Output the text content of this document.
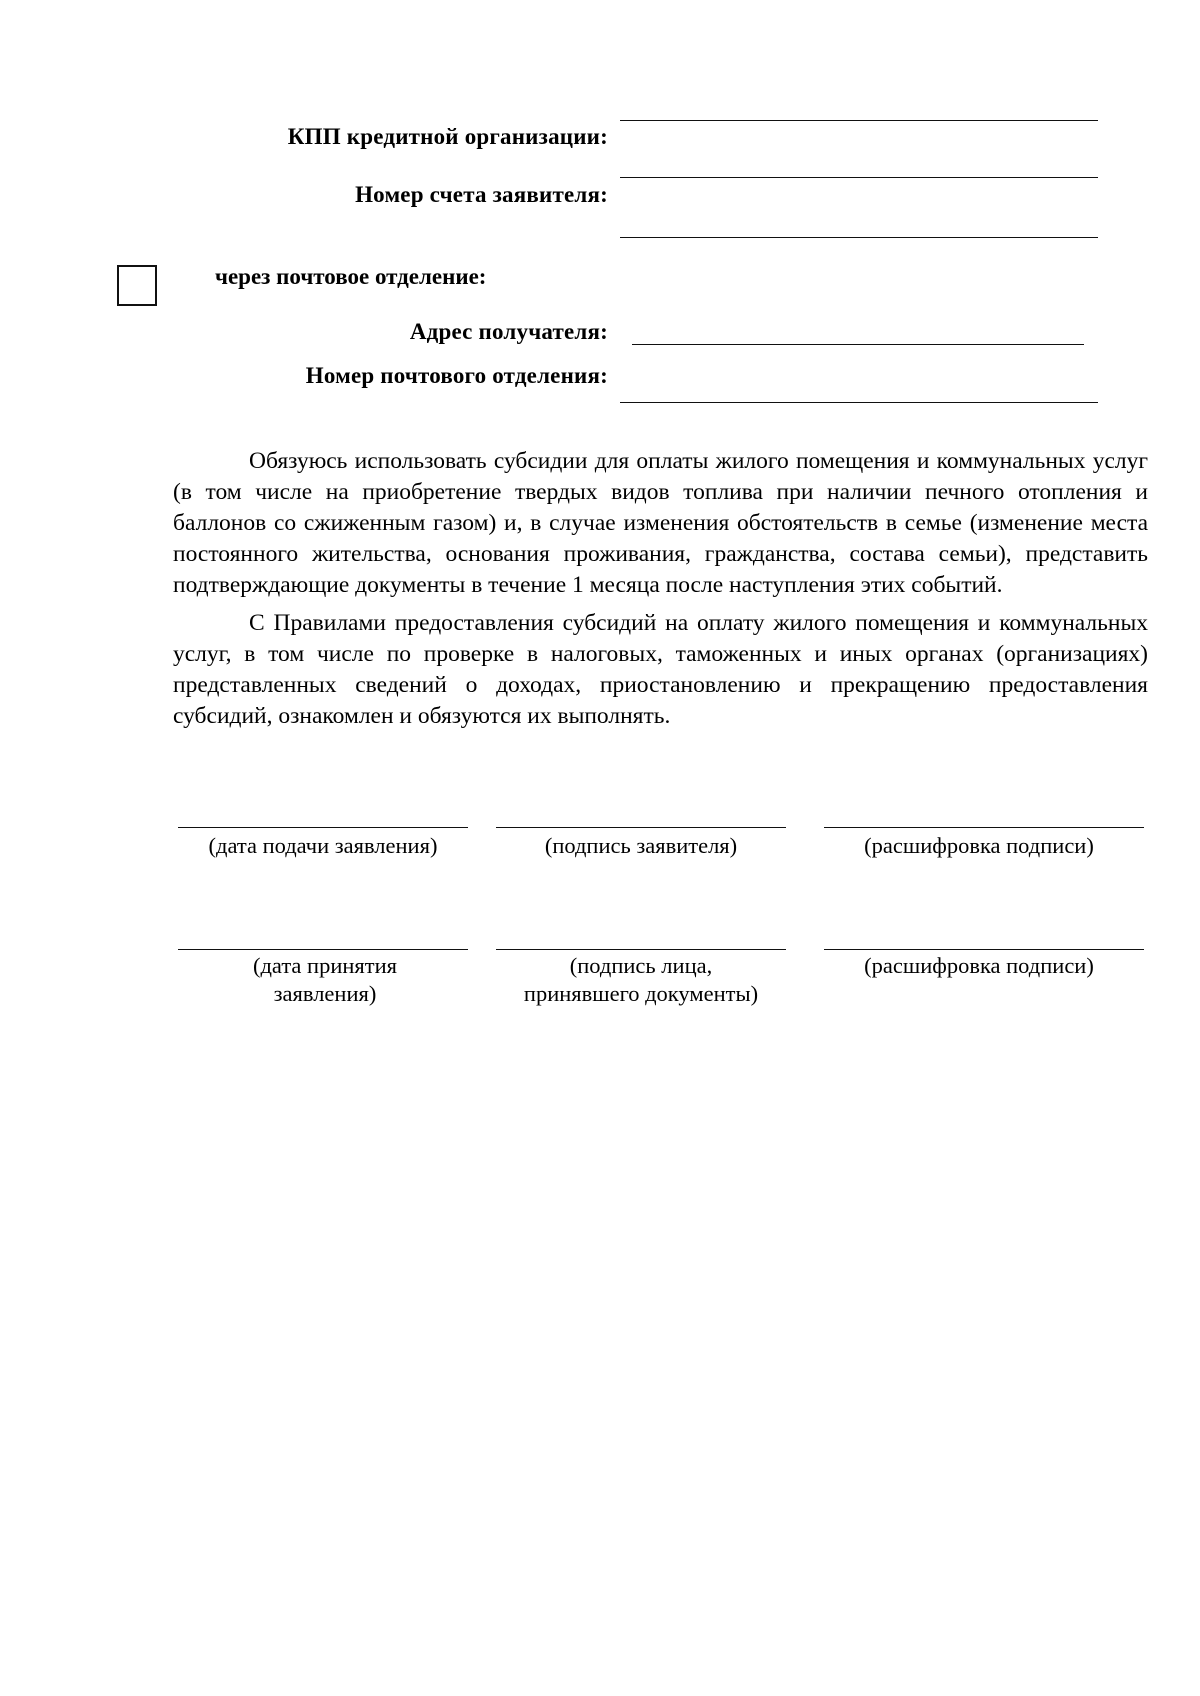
КПП кредитной организации:
Номер счета заявителя:
через почтовое отделение:
Адрес получателя:
Номер почтового отделения:

Обязуюсь использовать субсидии для оплаты жилого помещения и коммунальных услуг (в том числе на приобретение твердых видов топлива при наличии печного отопления и баллонов со сжиженным газом) и, в случае изменения обстоятельств в семье (изменение места постоянного жительства, основания проживания, гражданства, состава семьи), представить подтверждающие документы в течение 1 месяца после наступления этих событий.

С Правилами предоставления субсидий на оплату жилого помещения и коммунальных услуг, в том числе по проверке в налоговых, таможенных и иных органах (организациях) представленных сведений о доходах, приостановлению и прекращению предоставления субсидий, ознакомлен и обязуются их выполнять.

(дата подачи заявления)	(подпись заявителя)	(расшифровка подписи)
(дата принятия заявления)
(подпись лица, принявшего документы)
(расшифровка подписи)
